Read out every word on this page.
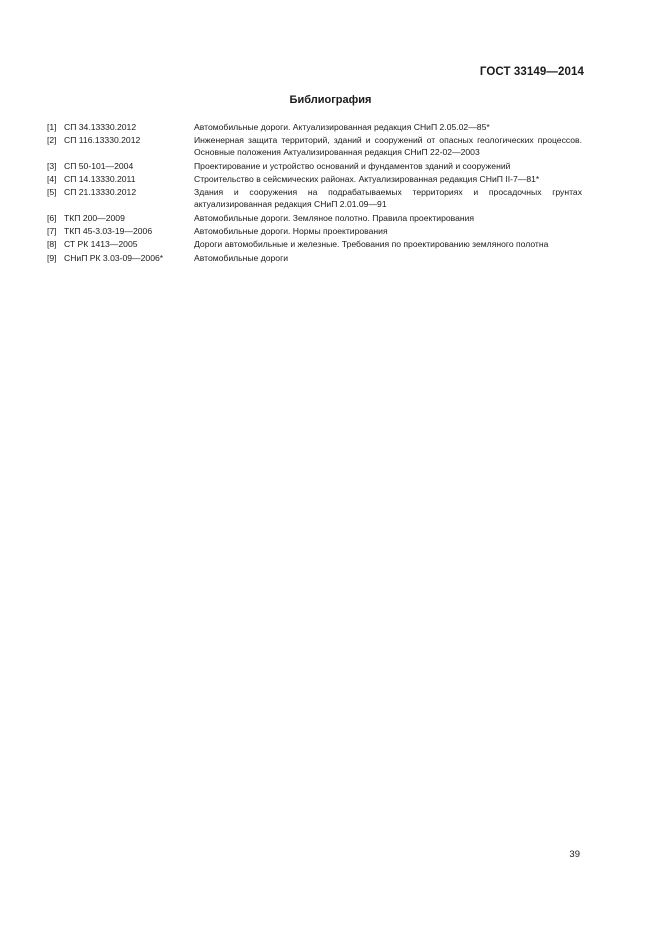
ГОСТ 33149—2014
Библиография
[1] СП 34.13330.2012	Автомобильные дороги. Актуализированная редакция СНиП 2.05.02—85*
[2] СП 116.13330.2012	Инженерная защита территорий, зданий и сооружений от опасных геологических процессов. Основные положения Актуализированная редакция СНиП 22-02—2003
[3] СП 50-101—2004	Проектирование и устройство оснований и фундаментов зданий и сооружений
[4] СП 14.13330.2011	Строительство в сейсмических районах. Актуализированная редакция СНиП II-7—81*
[5] СП 21.13330.2012	Здания и сооружения на подрабатываемых территориях и просадочных грунтах актуализированная редакция СНиП 2.01.09—91
[6] ТКП 200—2009	Автомобильные дороги. Земляное полотно. Правила проектирования
[7] ТКП 45-3.03-19—2006	Автомобильные дороги. Нормы проектирования
[8] СТ РК 1413—2005	Дороги автомобильные и железные. Требования по проектированию земляного полотна
[9] СНиП РК 3.03-09—2006*	Автомобильные дороги
39
